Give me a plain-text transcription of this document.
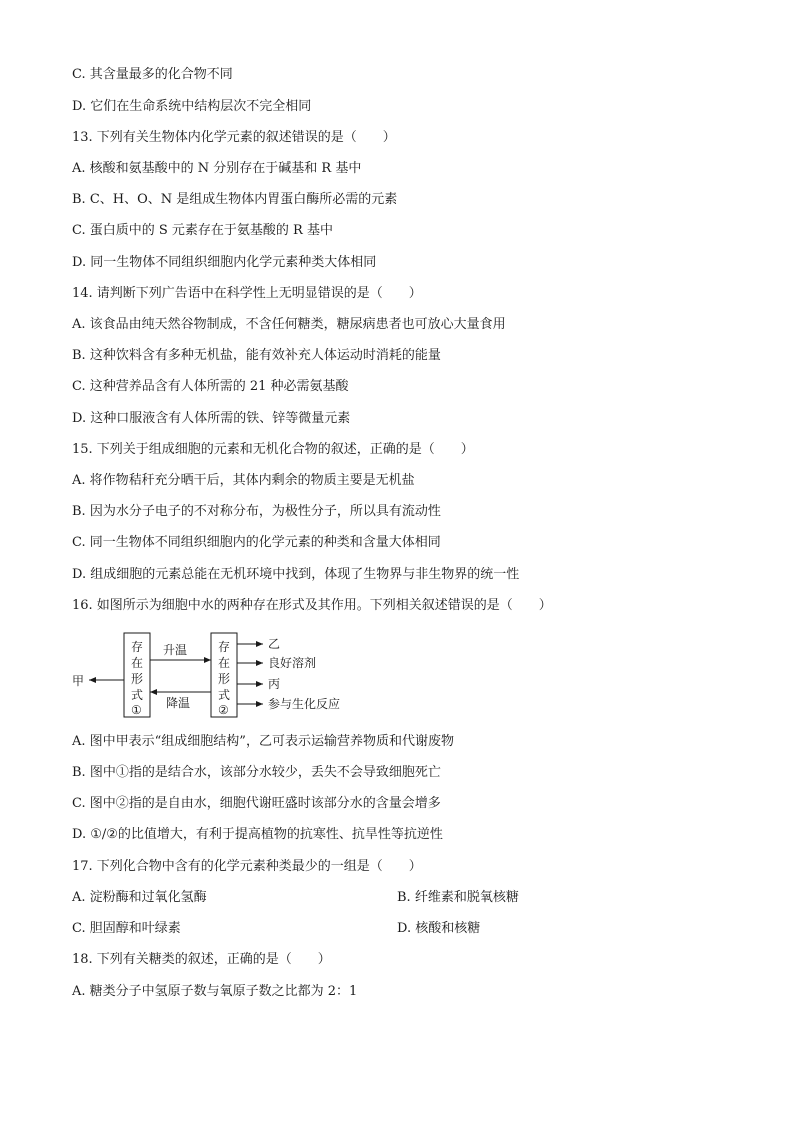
C. 其含量最多的化合物不同
D. 它们在生命系统中结构层次不完全相同
13. 下列有关生物体内化学元素的叙述错误的是（　　）
A. 核酸和氨基酸中的 N 分别存在于碱基和 R 基中
B. C、H、O、N 是组成生物体内胃蛋白酶所必需的元素
C. 蛋白质中的 S 元素存在于氨基酸的 R 基中
D. 同一生物体不同组织细胞内化学元素种类大体相同
14. 请判断下列广告语中在科学性上无明显错误的是（　　）
A. 该食品由纯天然谷物制成，不含任何糖类，糖尿病患者也可放心大量食用
B. 这种饮料含有多种无机盐，能有效补充人体运动时消耗的能量
C. 这种营养品含有人体所需的 21 种必需氨基酸
D. 这种口服液含有人体所需的铁、锌等微量元素
15. 下列关于组成细胞的元素和无机化合物的叙述，正确的是（　　）
A. 将作物秸秆充分晒干后，其体内剩余的物质主要是无机盐
B. 因为水分子电子的不对称分布，为极性分子，所以具有流动性
C. 同一生物体不同组织细胞内的化学元素的种类和含量大体相同
D. 组成细胞的元素总能在无机环境中找到，体现了生物界与非生物界的统一性
16. 如图所示为细胞中水的两种存在形式及其作用。下列相关叙述错误的是（　　）
甲
存
在
形
式
①
存
在
形
式
②
升温
降温
乙
良好溶剂
丙
参与生化反应
A. 图中甲表示“组成细胞结构”，乙可表示运输营养物质和代谢废物
B. 图中①指的是结合水，该部分水较少，丢失不会导致细胞死亡
C. 图中②指的是自由水，细胞代谢旺盛时该部分水的含量会增多
D. ①/②的比值增大，有利于提高植物的抗寒性、抗旱性等抗逆性
17. 下列化合物中含有的化学元素种类最少的一组是（　　）
A. 淀粉酶和过氧化氢酶	B. 纤维素和脱氧核糖
C. 胆固醇和叶绿素	D. 核酸和核糖
18. 下列有关糖类的叙述，正确的是（　　）
A. 糖类分子中氢原子数与氧原子数之比都为 2：1
